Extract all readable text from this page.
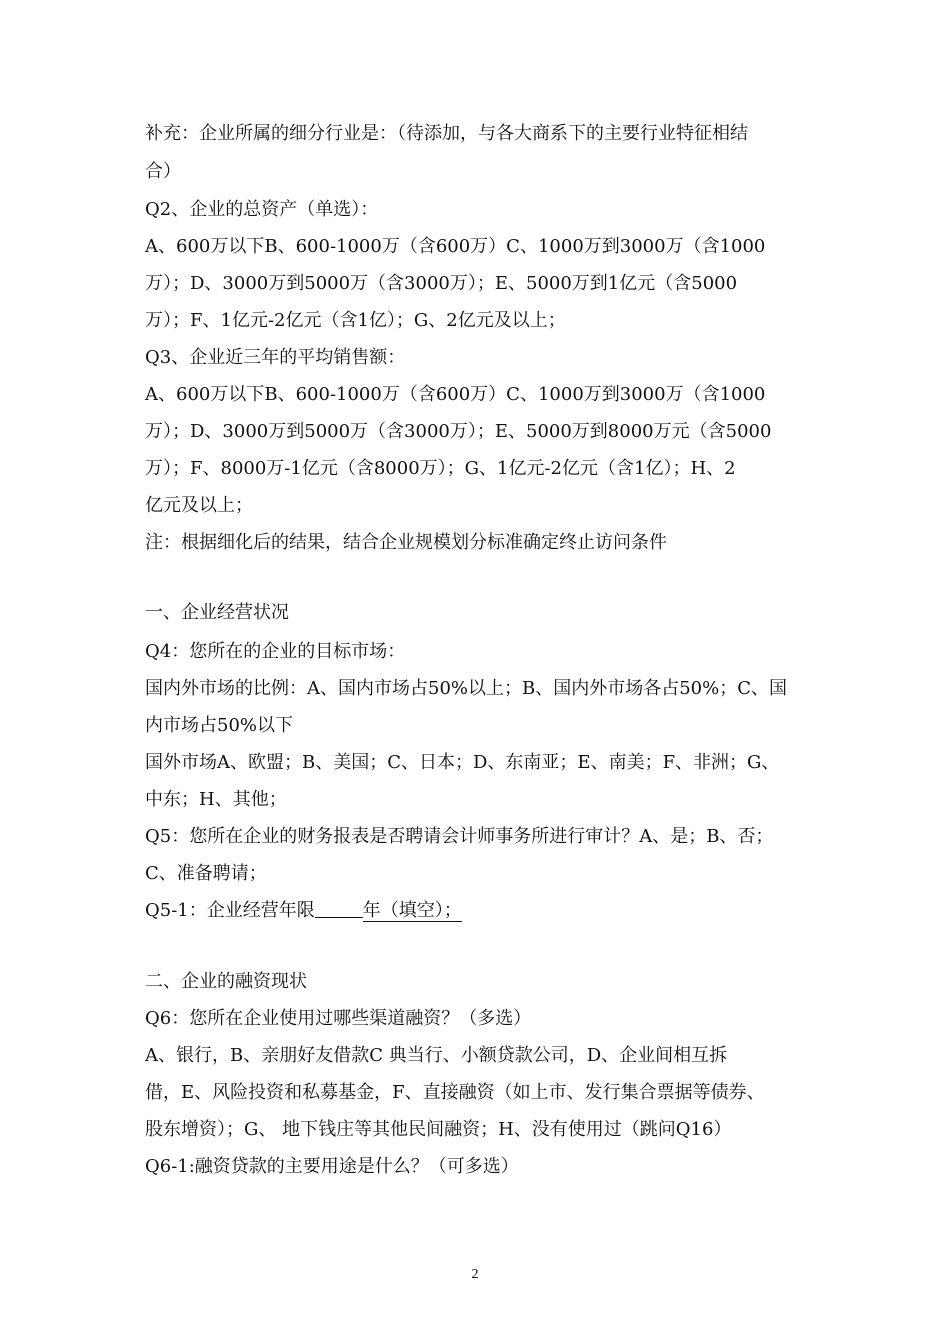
补充：企业所属的细分行业是：（待添加，与各大商系下的主要行业特征相结
合）
Q2、企业的总资产（单选）：
A、600万以下B、600-1000万（含600万）C、1000万到3000万（含1000
万）；D、3000万到5000万（含3000万）；E、5000万到1亿元（含5000
万）；F、1亿元-2亿元（含1亿）；G、2亿元及以上；
Q3、企业近三年的平均销售额：
A、600万以下B、600-1000万（含600万）C、1000万到3000万（含1000
万）；D、3000万到5000万（含3000万）；E、5000万到8000万元（含5000
万）；F、8000万-1亿元（含8000万）；G、1亿元-2亿元（含1亿）；H、2
亿元及以上；
注：根据细化后的结果，结合企业规模划分标准确定终止访问条件
一、企业经营状况
Q4：您所在的企业的目标市场：
国内外市场的比例：A、国内市场占50%以上；B、国内外市场各占50%；C、国
内市场占50%以下
国外市场A、欧盟；B、美国；C、日本；D、东南亚；E、南美；F、非洲；G、
中东；H、其他；
Q5：您所在企业的财务报表是否聘请会计师事务所进行审计？A、是；B、否；
C、准备聘请；
Q5-1：企业经营年限	年（填空）；
二、企业的融资现状
Q6：您所在企业使用过哪些渠道融资？（多选）
A、银行，B、亲朋好友借款C 典当行、小额贷款公司，D、企业间相互拆
借，E、风险投资和私募基金，F、直接融资（如上市、发行集合票据等债券、
股东增资）；G、 地下钱庄等其他民间融资；H、没有使用过（跳问Q16）
Q6-1:融资贷款的主要用途是什么？（可多选）
2
